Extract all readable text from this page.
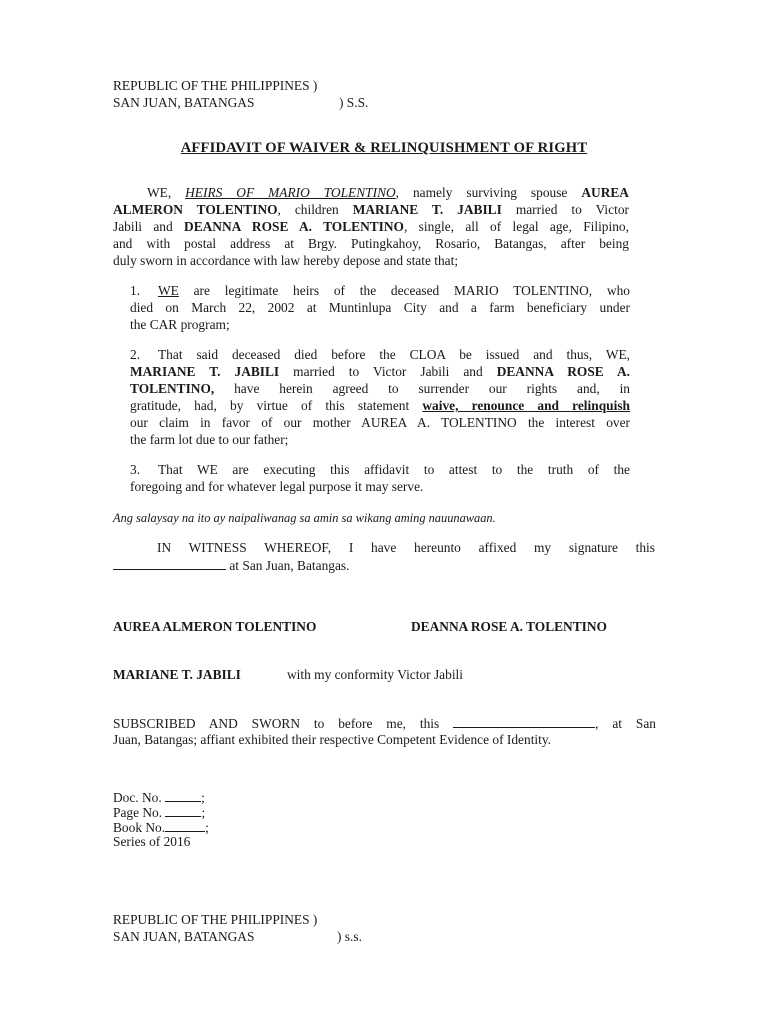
REPUBLIC OF THE PHILIPPINES )
SAN JUAN, BATANGAS	) S.S.
AFFIDAVIT OF WAIVER & RELINQUISHMENT OF RIGHT
WE, HEIRS OF MARIO TOLENTINO, namely surviving spouse AUREA
ALMERON TOLENTINO, children MARIANE T. JABILI married to Victor
Jabili and DEANNA ROSE A. TOLENTINO, single, all of legal age, Filipino,
and with postal address at Brgy. Putingkahoy, Rosario, Batangas, after being
duly sworn in accordance with law hereby depose and state that;
1. WE are legitimate heirs of the deceased MARIO TOLENTINO, who
died on March 22, 2002 at Muntinlupa City and a farm beneficiary under
the CAR program;
2. That said deceased died before the CLOA be issued and thus, WE,
MARIANE T. JABILI married to Victor Jabili and DEANNA ROSE A.
TOLENTINO, have herein agreed to surrender our rights and, in
gratitude, had, by virtue of this statement waive, renounce and relinquish
our claim in favor of our mother AUREA A. TOLENTINO the interest over
the farm lot due to our father;
3. That WE are executing this affidavit to attest to the truth of the
foregoing and for whatever legal purpose it may serve.
Ang salaysay na ito ay naipaliwanag sa amin sa wikang aming nauunawaan.
IN WITNESS WHEREOF, I have hereunto affixed my signature this
at San Juan, Batangas.
AUREA ALMERON TOLENTINO	DEANNA ROSE A. TOLENTINO
MARIANE T. JABILI	with my conformity Victor Jabili
SUBSCRIBED AND SWORN to before me, this	, at San
Juan, Batangas; affiant exhibited their respective Competent Evidence of Identity.
Doc. No.	;
Page No.	;
Book No.	;
Series of 2016
REPUBLIC OF THE PHILIPPINES )
SAN JUAN, BATANGAS	) s.s.
